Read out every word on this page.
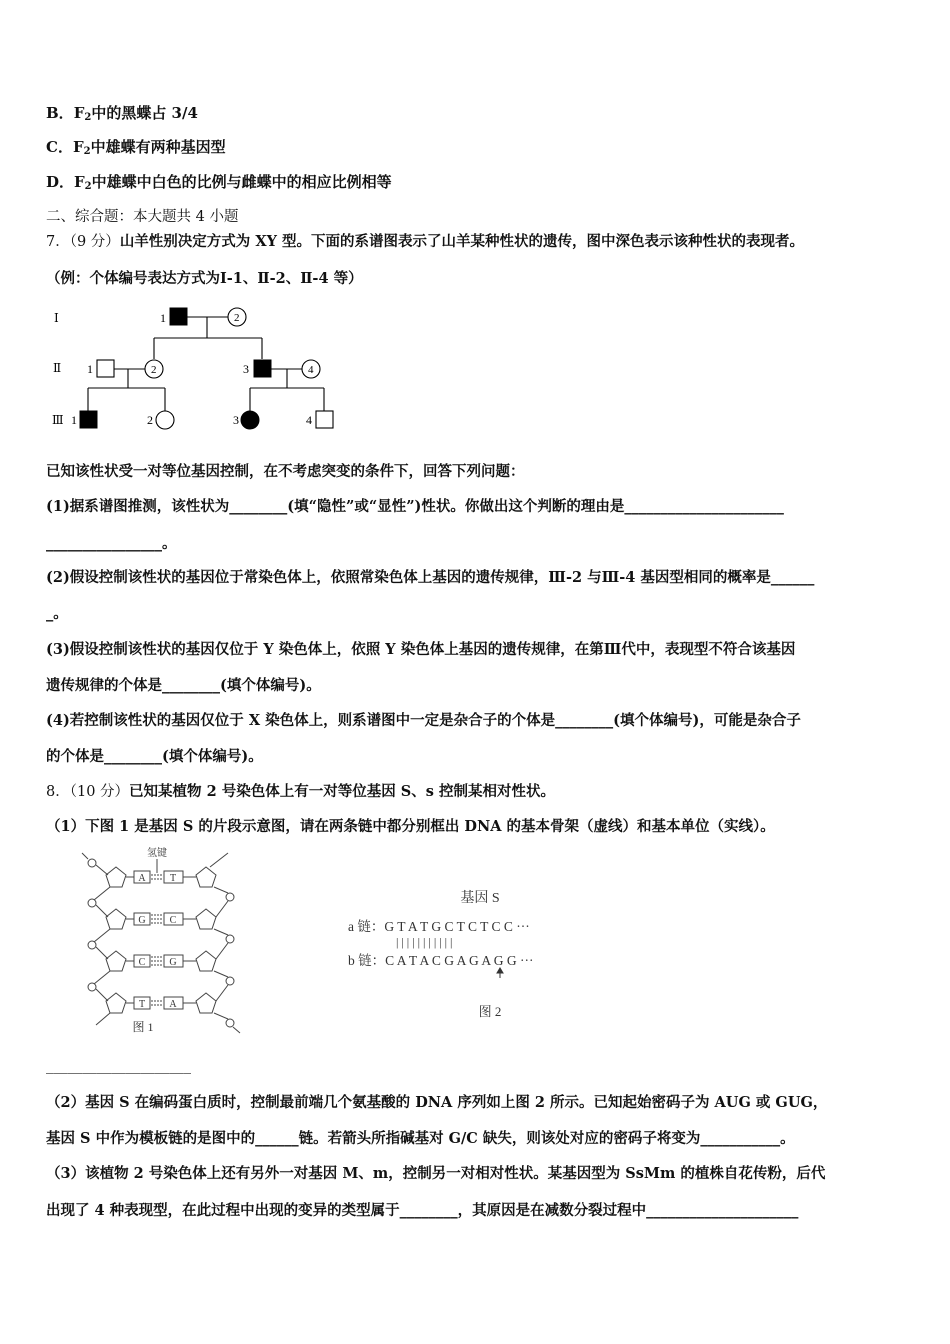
B．$F_2$中的黑蝶占 3/4
C．$F_2$中雄蝶有两种基因型
D．$F_2$中雄蝶中白色的比例与雌蝶中的相应比例相等
二、综合题：本大题共 4 小题
7．（9 分）山羊性别决定方式为 XY 型。下面的系谱图表示了山羊某种性状的遗传，图中深色表示该种性状的表现者。
（例：个体编号表达方式为Ⅰ-1、Ⅱ-2、Ⅱ-4 等）
Ⅰ
Ⅱ
Ⅲ
1	2
1	2	3	4
1	2	3	4
已知该性状受一对等位基因控制，在不考虑突变的条件下，回答下列问题：
(1)据系谱图推测，该性状为________(填“隐性”或“显性”)性状。你做出这个判断的理由是______________________
________________。
(2)假设控制该性状的基因位于常染色体上，依照常染色体上基因的遗传规律，Ⅲ-2 与Ⅲ-4 基因型相同的概率是______
_。
(3)假设控制该性状的基因仅位于 Y 染色体上，依照 Y 染色体上基因的遗传规律，在第Ⅲ代中，表现型不符合该基因
遗传规律的个体是________(填个体编号)。
(4)若控制该性状的基因仅位于 X 染色体上，则系谱图中一定是杂合子的个体是________(填个体编号)，可能是杂合子
的个体是________(填个体编号)。
8．（10 分）已知某植物 2 号染色体上有一对等位基因 S、s 控制某相对性状。
（1）下图 1 是基因 S 的片段示意图，请在两条链中都分别框出 DNA 的基本骨架（虚线）和基本单位（实线）。
氢键
A T
G C
C G
T A
图 1
基因 S
a 链：G T A T G C T C T C C ···
| | | | | | | | | | |
b 链：C A T A C G A G A G G ···
图 2
____________________
（2）基因 S 在编码蛋白质时，控制最前端几个氨基酸的 DNA 序列如上图 2 所示。已知起始密码子为 AUG 或 GUG，
基因 S 中作为模板链的是图中的______链。若箭头所指碱基对 G/C 缺失，则该处对应的密码子将变为___________。
（3）该植物 2 号染色体上还有另外一对基因 M、m，控制另一对相对性状。某基因型为 SsMm 的植株自花传粉，后代
出现了 4 种表现型，在此过程中出现的变异的类型属于________，其原因是在减数分裂过程中_____________________
